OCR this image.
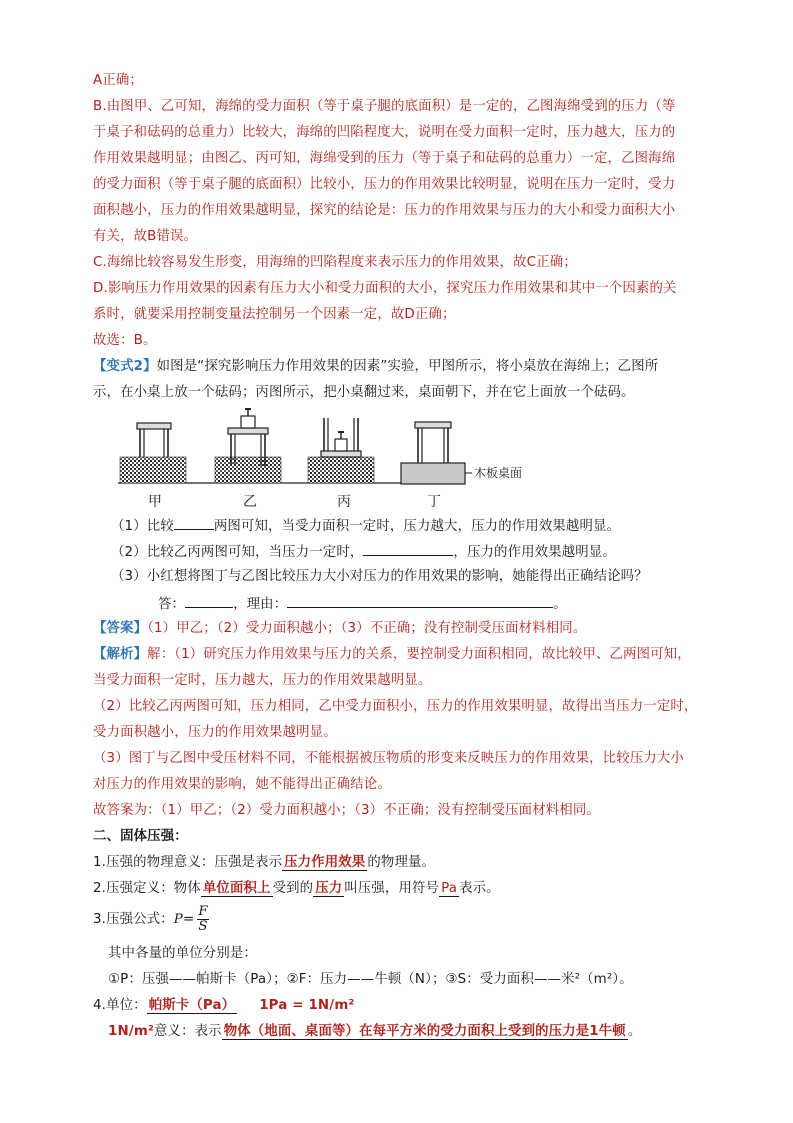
A正确；
B.由图甲、乙可知，海绵的受力面积（等于桌子腿的底面积）是一定的，乙图海绵受到的压力（等
于桌子和砝码的总重力）比较大，海绵的凹陷程度大，说明在受力面积一定时，压力越大，压力的
作用效果越明显；由图乙、丙可知，海绵受到的压力（等于桌子和砝码的总重力）一定，乙图海绵
的受力面积（等于桌子腿的底面积）比较小，压力的作用效果比较明显，说明在压力一定时，受力
面积越小，压力的作用效果越明显，探究的结论是：压力的作用效果与压力的大小和受力面积大小
有关，故B错误。
C.海绵比较容易发生形变，用海绵的凹陷程度来表示压力的作用效果，故C正确；
D.影响压力作用效果的因素有压力大小和受力面积的大小，探究压力作用效果和其中一个因素的关
系时，就要采用控制变量法控制另一个因素一定，故D正确；
故选：B。
【变式2】如图是“探究影响压力作用效果的因素”实验，甲图所示，将小桌放在海绵上；乙图所
示，在小桌上放一个砝码；丙图所示，把小桌翻过来，桌面朝下，并在它上面放一个砝码。
木板桌面
甲	乙	丙	丁
（1）比较	两图可知，当受力面积一定时，压力越大，压力的作用效果越明显。
（2）比较乙丙两图可知，当压力一定时，	，压力的作用效果越明显。
（3）小红想将图丁与乙图比较压力大小对压力的作用效果的影响，她能得出正确结论吗？
答：	，理由：	。
【答案】（1）甲乙；（2）受力面积越小；（3）不正确；没有控制受压面材料相同。
【解析】解：（1）研究压力作用效果与压力的关系，要控制受力面积相同，故比较甲、乙两图可知，
当受力面积一定时，压力越大，压力的作用效果越明显。
（2）比较乙丙两图可知，压力相同，乙中受力面积小，压力的作用效果明显，故得出当压力一定时，
受力面积越小，压力的作用效果越明显。
（3）图丁与乙图中受压材料不同，不能根据被压物质的形变来反映压力的作用效果，比较压力大小
对压力的作用效果的影响，她不能得出正确结论。
故答案为：（1）甲乙；（2）受力面积越小；（3）不正确；没有控制受压面材料相同。
二、固体压强：
1.压强的物理意义：压强是表示 压力作用效果 的物理量。
2.压强定义：物体 单位面积上 受到的 压力 叫压强，用符号 Pa 表示。
3.压强公式：$P= \frac{F}{S}$
其中各量的单位分别是：
①P：压强——帕斯卡（Pa）；②F：压力——牛顿（N）；③S：受力面积——米²（m²）。
4.单位： 帕斯卡（Pa） 1Pa = 1N/m²
1N/m²意义：表示 物体（地面、桌面等）在每平方米的受力面积上受到的压力是1牛顿 。
